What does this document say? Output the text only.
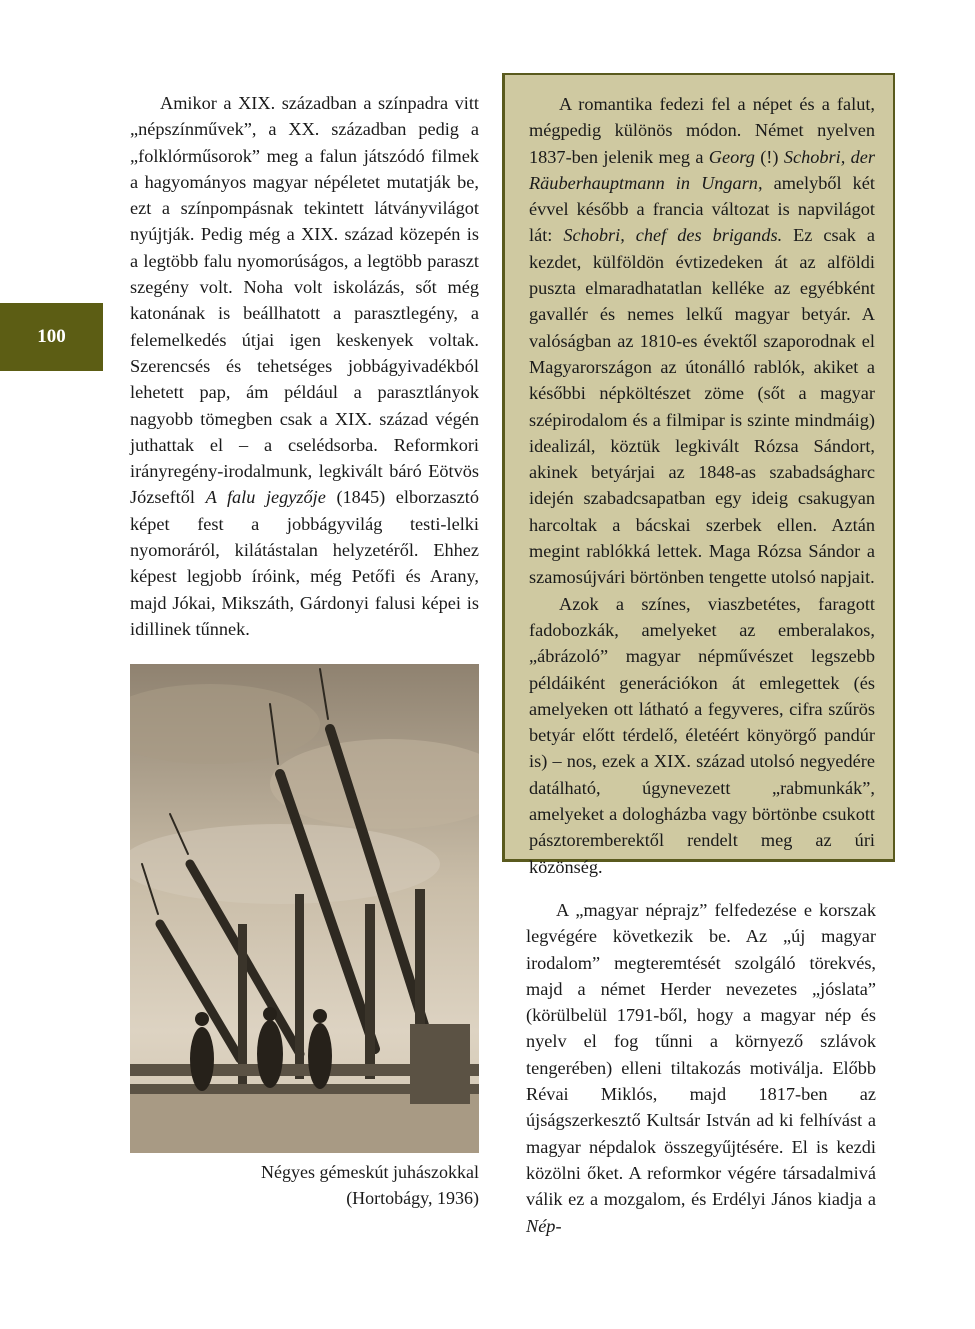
100

Amikor a XIX. században a színpadra vitt „népszínművek”, a XX. században pedig a „folklórműsorok” meg a falun játszódó filmek a hagyományos magyar népéletet mutatják be, ezt a színpompásnak tekintett látványvilágot nyújtják. Pedig még a XIX. század közepén is a legtöbb falu nyomorúságos, a legtöbb paraszt szegény volt. Noha volt iskolázás, sőt még katonának is beállhatott a parasztlegény, a felemelkedés útjai igen keskenyek voltak. Szerencsés és tehetséges jobbágyivadékból lehetett pap, ám például a parasztlányok nagyobb tömegben csak a XIX. század végén juthattak el – a cselédsorba. Reformkori irányregény-irodalmunk, legkivált báró Eötvös Józseftől A falu jegyzője (1845) elborzasztó képet fest a jobbágyvilág testi-lelki nyomoráról, kilátástalan helyzetéről. Ehhez képest legjobb íróink, még Petőfi és Arany, majd Jókai, Mikszáth, Gárdonyi falusi képei is idillinek tűnnek.

Négyes gémeskút juhászokkal
(Hortobágy, 1936)

A romantika fedezi fel a népet és a falut, mégpedig különös módon. Német nyelven 1837-ben jelenik meg a Georg (!) Schobri, der Räuberhauptmann in Ungarn, amelyből két évvel később a francia változat is napvilágot lát: Schobri, chef des brigands. Ez csak a kezdet, külföldön évtizedeken át az alföldi puszta elmaradhatatlan kelléke az egyébként gavallér és nemes lelkű magyar betyár. A valóságban az 1810-es évektől szaporodnak el Magyarországon az útonálló rablók, akiket a későbbi népköltészet zöme (sőt a magyar szépirodalom és a filmipar is szinte mindmáig) idealizál, köztük legkivált Rózsa Sándort, akinek betyárjai az 1848-as szabadságharc idején szabadcsapatban egy ideig csakugyan harcoltak a bácskai szerbek ellen. Aztán megint rablókká lettek. Maga Rózsa Sándor a szamosújvári börtönben tengette utolsó napjait.

Azok a színes, viaszbetétes, faragott fadobozkák, amelyeket az emberalakos, „ábrázoló” magyar népművészet legszebb példáiként generációkon át emlegettek (és amelyeken ott látható a fegyveres, cifra szűrös betyár előtt térdelő, életéért könyörgő pandúr is) – nos, ezek a XIX. század utolsó negyedére datálható, úgynevezett „rabmunkák”, amelyeket a dologházba vagy börtönbe csukott pásztoremberektől rendelt meg az úri közönség.

A „magyar néprajz” felfedezése e korszak legvégére következik be. Az „új magyar irodalom” megteremtését szolgáló törekvés, majd a német Herder nevezetes „jóslata” (körülbelül 1791-ből, hogy a magyar nép és nyelv el fog tűnni a környező szlávok tengerében) elleni tiltakozás motiválja. Előbb Révai Miklós, majd 1817-ben az újságszerkesztő Kultsár István ad ki felhívást a magyar népdalok összegyűjtésére. El is kezdi közölni őket. A reformkor végére társadalmivá válik ez a mozgalom, és Erdélyi János kiadja a Nép-
